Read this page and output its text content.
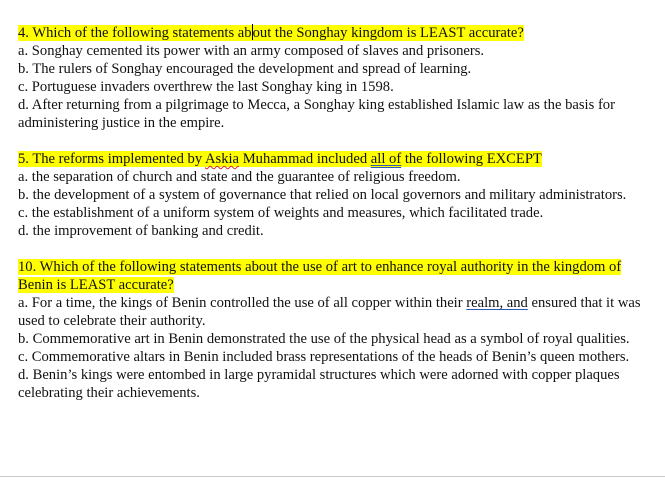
4. Which of the following statements about the Songhay kingdom is LEAST accurate?
a. Songhay cemented its power with an army composed of slaves and prisoners.
b. The rulers of Songhay encouraged the development and spread of learning.
c. Portuguese invaders overthrew the last Songhay king in 1598.
d. After returning from a pilgrimage to Mecca, a Songhay king established Islamic law as the basis for administering justice in the empire.
5. The reforms implemented by Askia Muhammad included all of the following EXCEPT
a. the separation of church and state and the guarantee of religious freedom.
b. the development of a system of governance that relied on local governors and military administrators.
c. the establishment of a uniform system of weights and measures, which facilitated trade.
d. the improvement of banking and credit.
10. Which of the following statements about the use of art to enhance royal authority in the kingdom of Benin is LEAST accurate?
a. For a time, the kings of Benin controlled the use of all copper within their realm, and ensured that it was used to celebrate their authority.
b. Commemorative art in Benin demonstrated the use of the physical head as a symbol of royal qualities.
c. Commemorative altars in Benin included brass representations of the heads of Benin’s queen mothers.
d. Benin’s kings were entombed in large pyramidal structures which were adorned with copper plaques celebrating their achievements.
